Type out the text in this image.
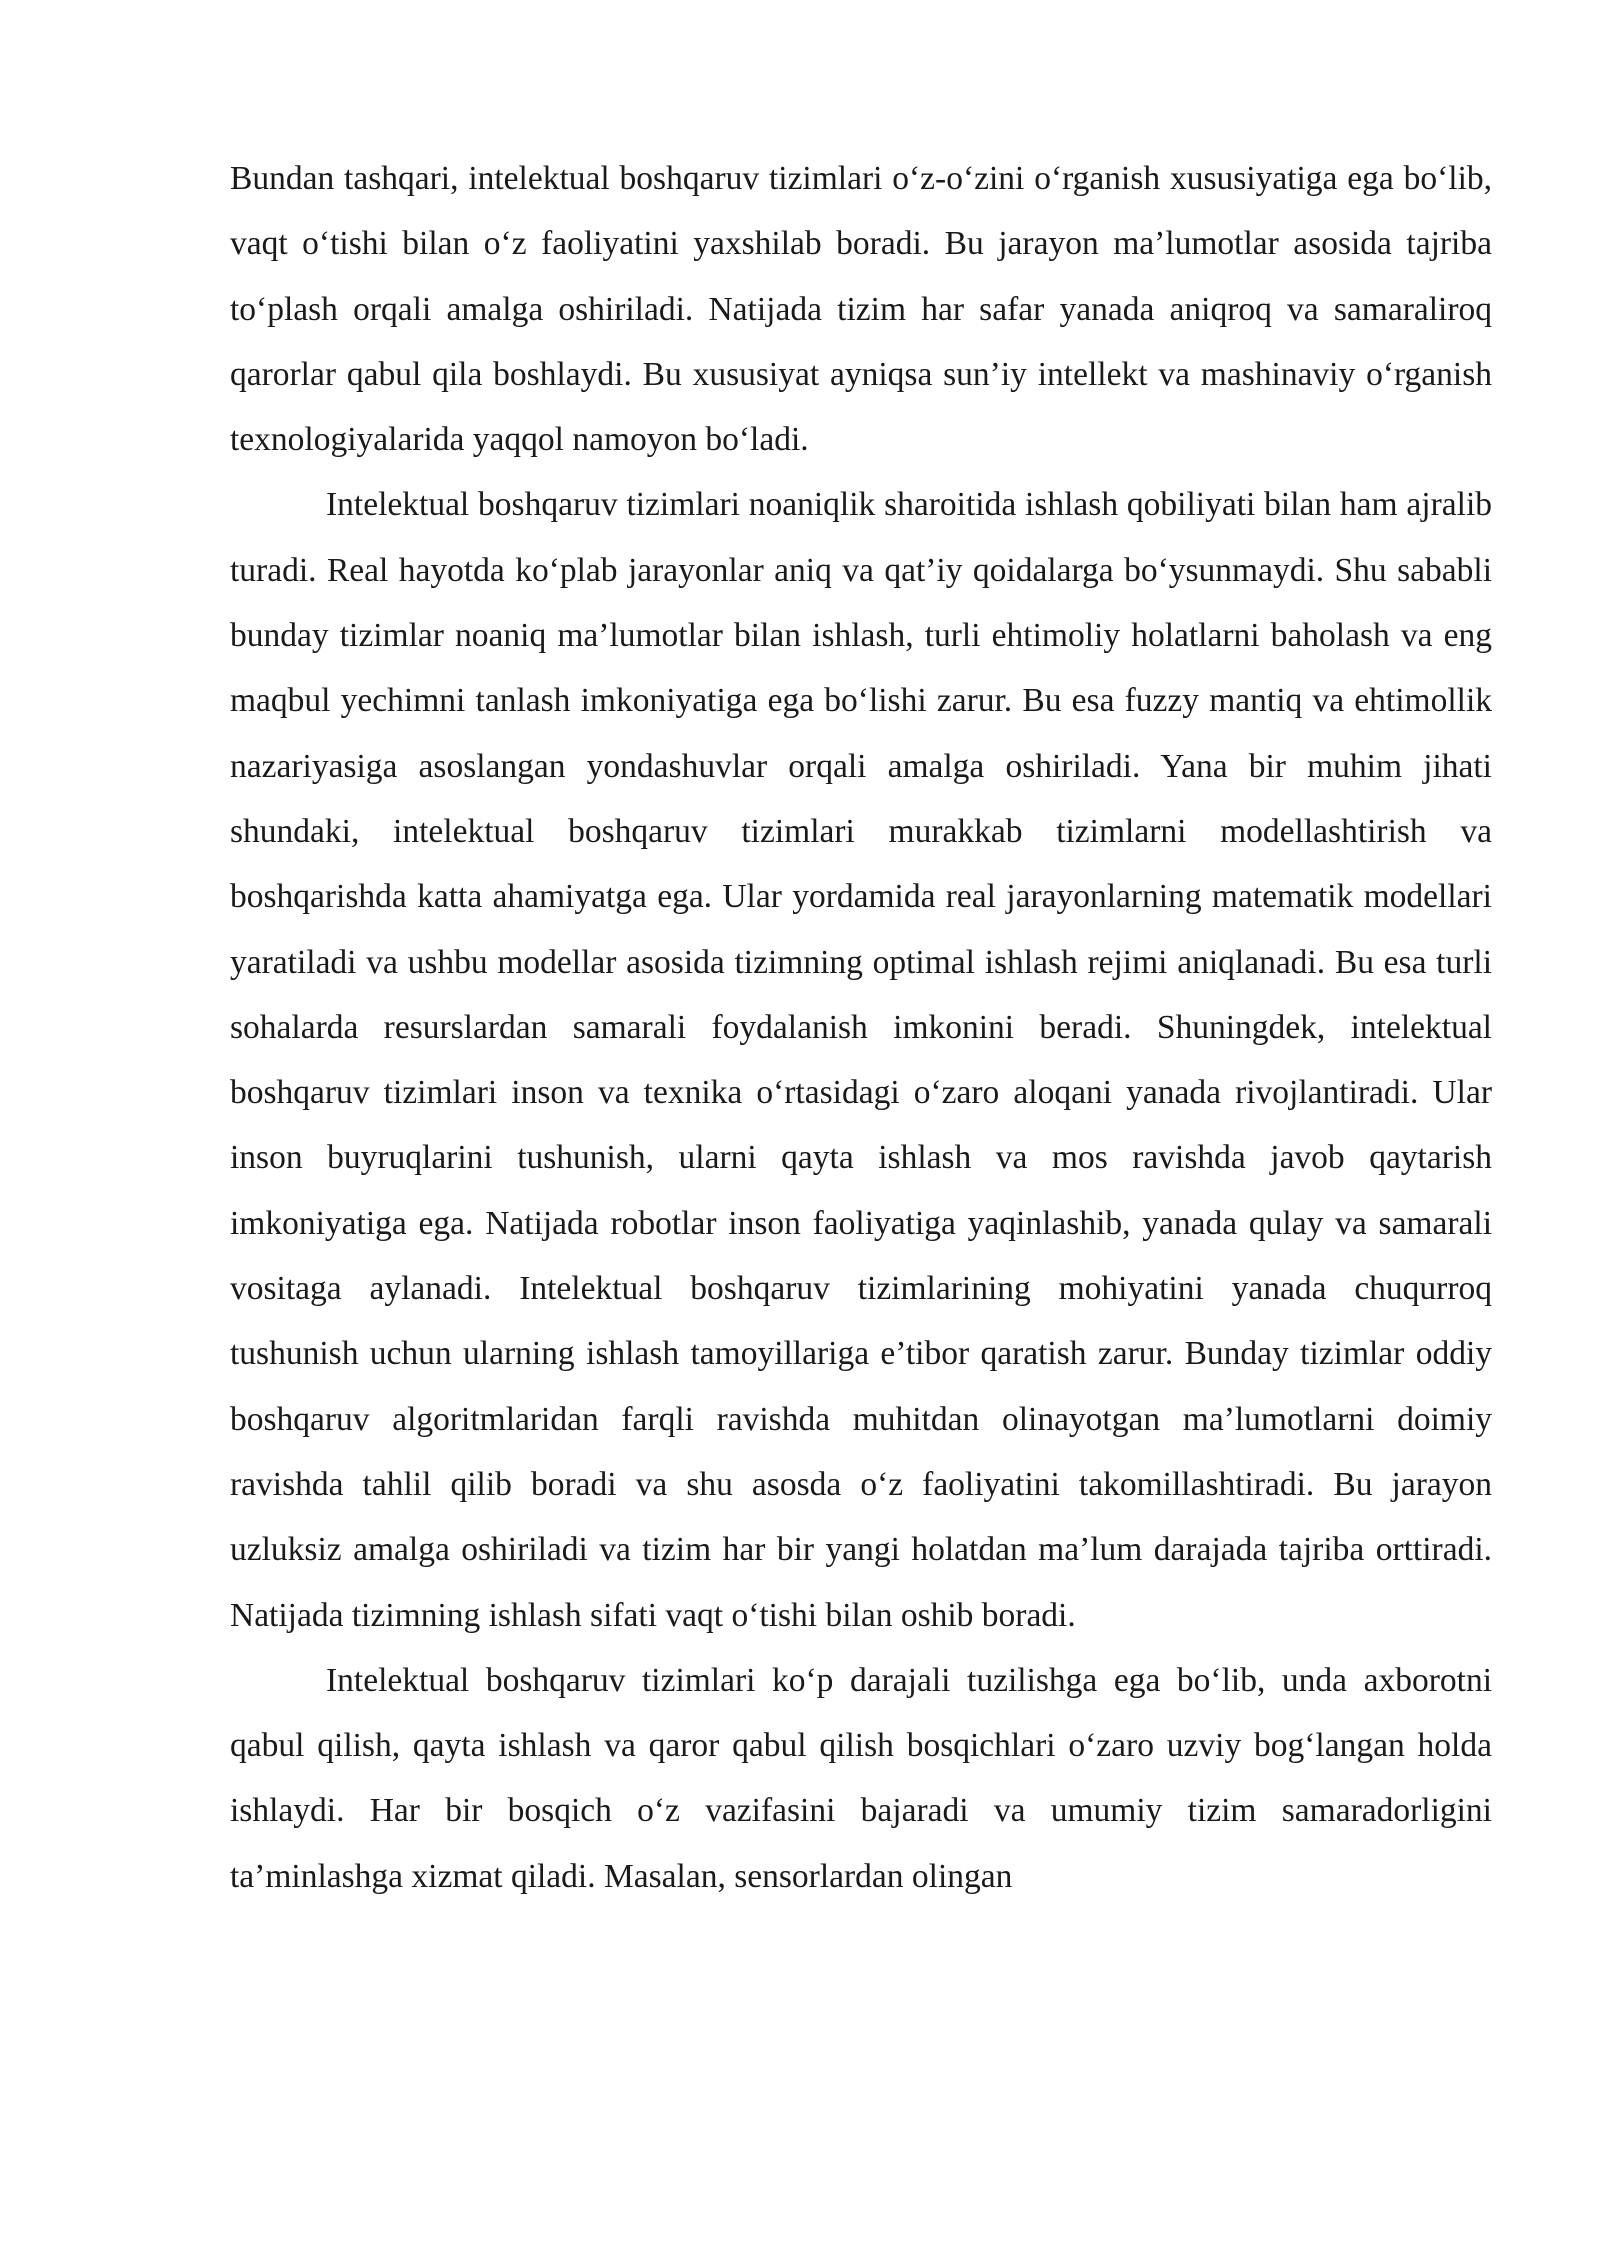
Bundan tashqari, intelektual boshqaruv tizimlari o‘z-o‘zini o‘rganish xususiyatiga ega bo‘lib, vaqt o‘tishi bilan o‘z faoliyatini yaxshilab boradi. Bu jarayon ma’lumotlar asosida tajriba to‘plash orqali amalga oshiriladi. Natijada tizim har safar yanada aniqroq va samaraliroq qarorlar qabul qila boshlaydi. Bu xususiyat ayniqsa sun’iy intellekt va mashinaviy o‘rganish texnologiyalarida yaqqol namoyon bo‘ladi.

Intelektual boshqaruv tizimlari noaniqlik sharoitida ishlash qobiliyati bilan ham ajralib turadi. Real hayotda ko‘plab jarayonlar aniq va qat’iy qoidalarga bo‘ysunmaydi. Shu sababli bunday tizimlar noaniq ma’lumotlar bilan ishlash, turli ehtimoliy holatlarni baholash va eng maqbul yechimni tanlash imkoniyatiga ega bo‘lishi zarur. Bu esa fuzzy mantiq va ehtimollik nazariyasiga asoslangan yondashuvlar orqali amalga oshiriladi. Yana bir muhim jihati shundaki, intelektual boshqaruv tizimlari murakkab tizimlarni modellashtirish va boshqarishda katta ahamiyatga ega. Ular yordamida real jarayonlarning matematik modellari yaratiladi va ushbu modellar asosida tizimning optimal ishlash rejimi aniqlanadi. Bu esa turli sohalarda resurslardan samarali foydalanish imkonini beradi. Shuningdek, intelektual boshqaruv tizimlari inson va texnika o‘rtasidagi o‘zaro aloqani yanada rivojlantiradi. Ular inson buyruqlarini tushunish, ularni qayta ishlash va mos ravishda javob qaytarish imkoniyatiga ega. Natijada robotlar inson faoliyatiga yaqinlashib, yanada qulay va samarali vositaga aylanadi. Intelektual boshqaruv tizimlarining mohiyatini yanada chuqurroq tushunish uchun ularning ishlash tamoyillariga e’tibor qaratish zarur. Bunday tizimlar oddiy boshqaruv algoritmlaridan farqli ravishda muhitdan olinayotgan ma’lumotlarni doimiy ravishda tahlil qilib boradi va shu asosda o‘z faoliyatini takomillashtiradi. Bu jarayon uzluksiz amalga oshiriladi va tizim har bir yangi holatdan ma’lum darajada tajriba orttiradi. Natijada tizimning ishlash sifati vaqt o‘tishi bilan oshib boradi.

Intelektual boshqaruv tizimlari ko‘p darajali tuzilishga ega bo‘lib, unda axborotni qabul qilish, qayta ishlash va qaror qabul qilish bosqichlari o‘zaro uzviy bog‘langan holda ishlaydi. Har bir bosqich o‘z vazifasini bajaradi va umumiy tizim samaradorligini ta’minlashga xizmat qiladi. Masalan, sensorlardan olingan
